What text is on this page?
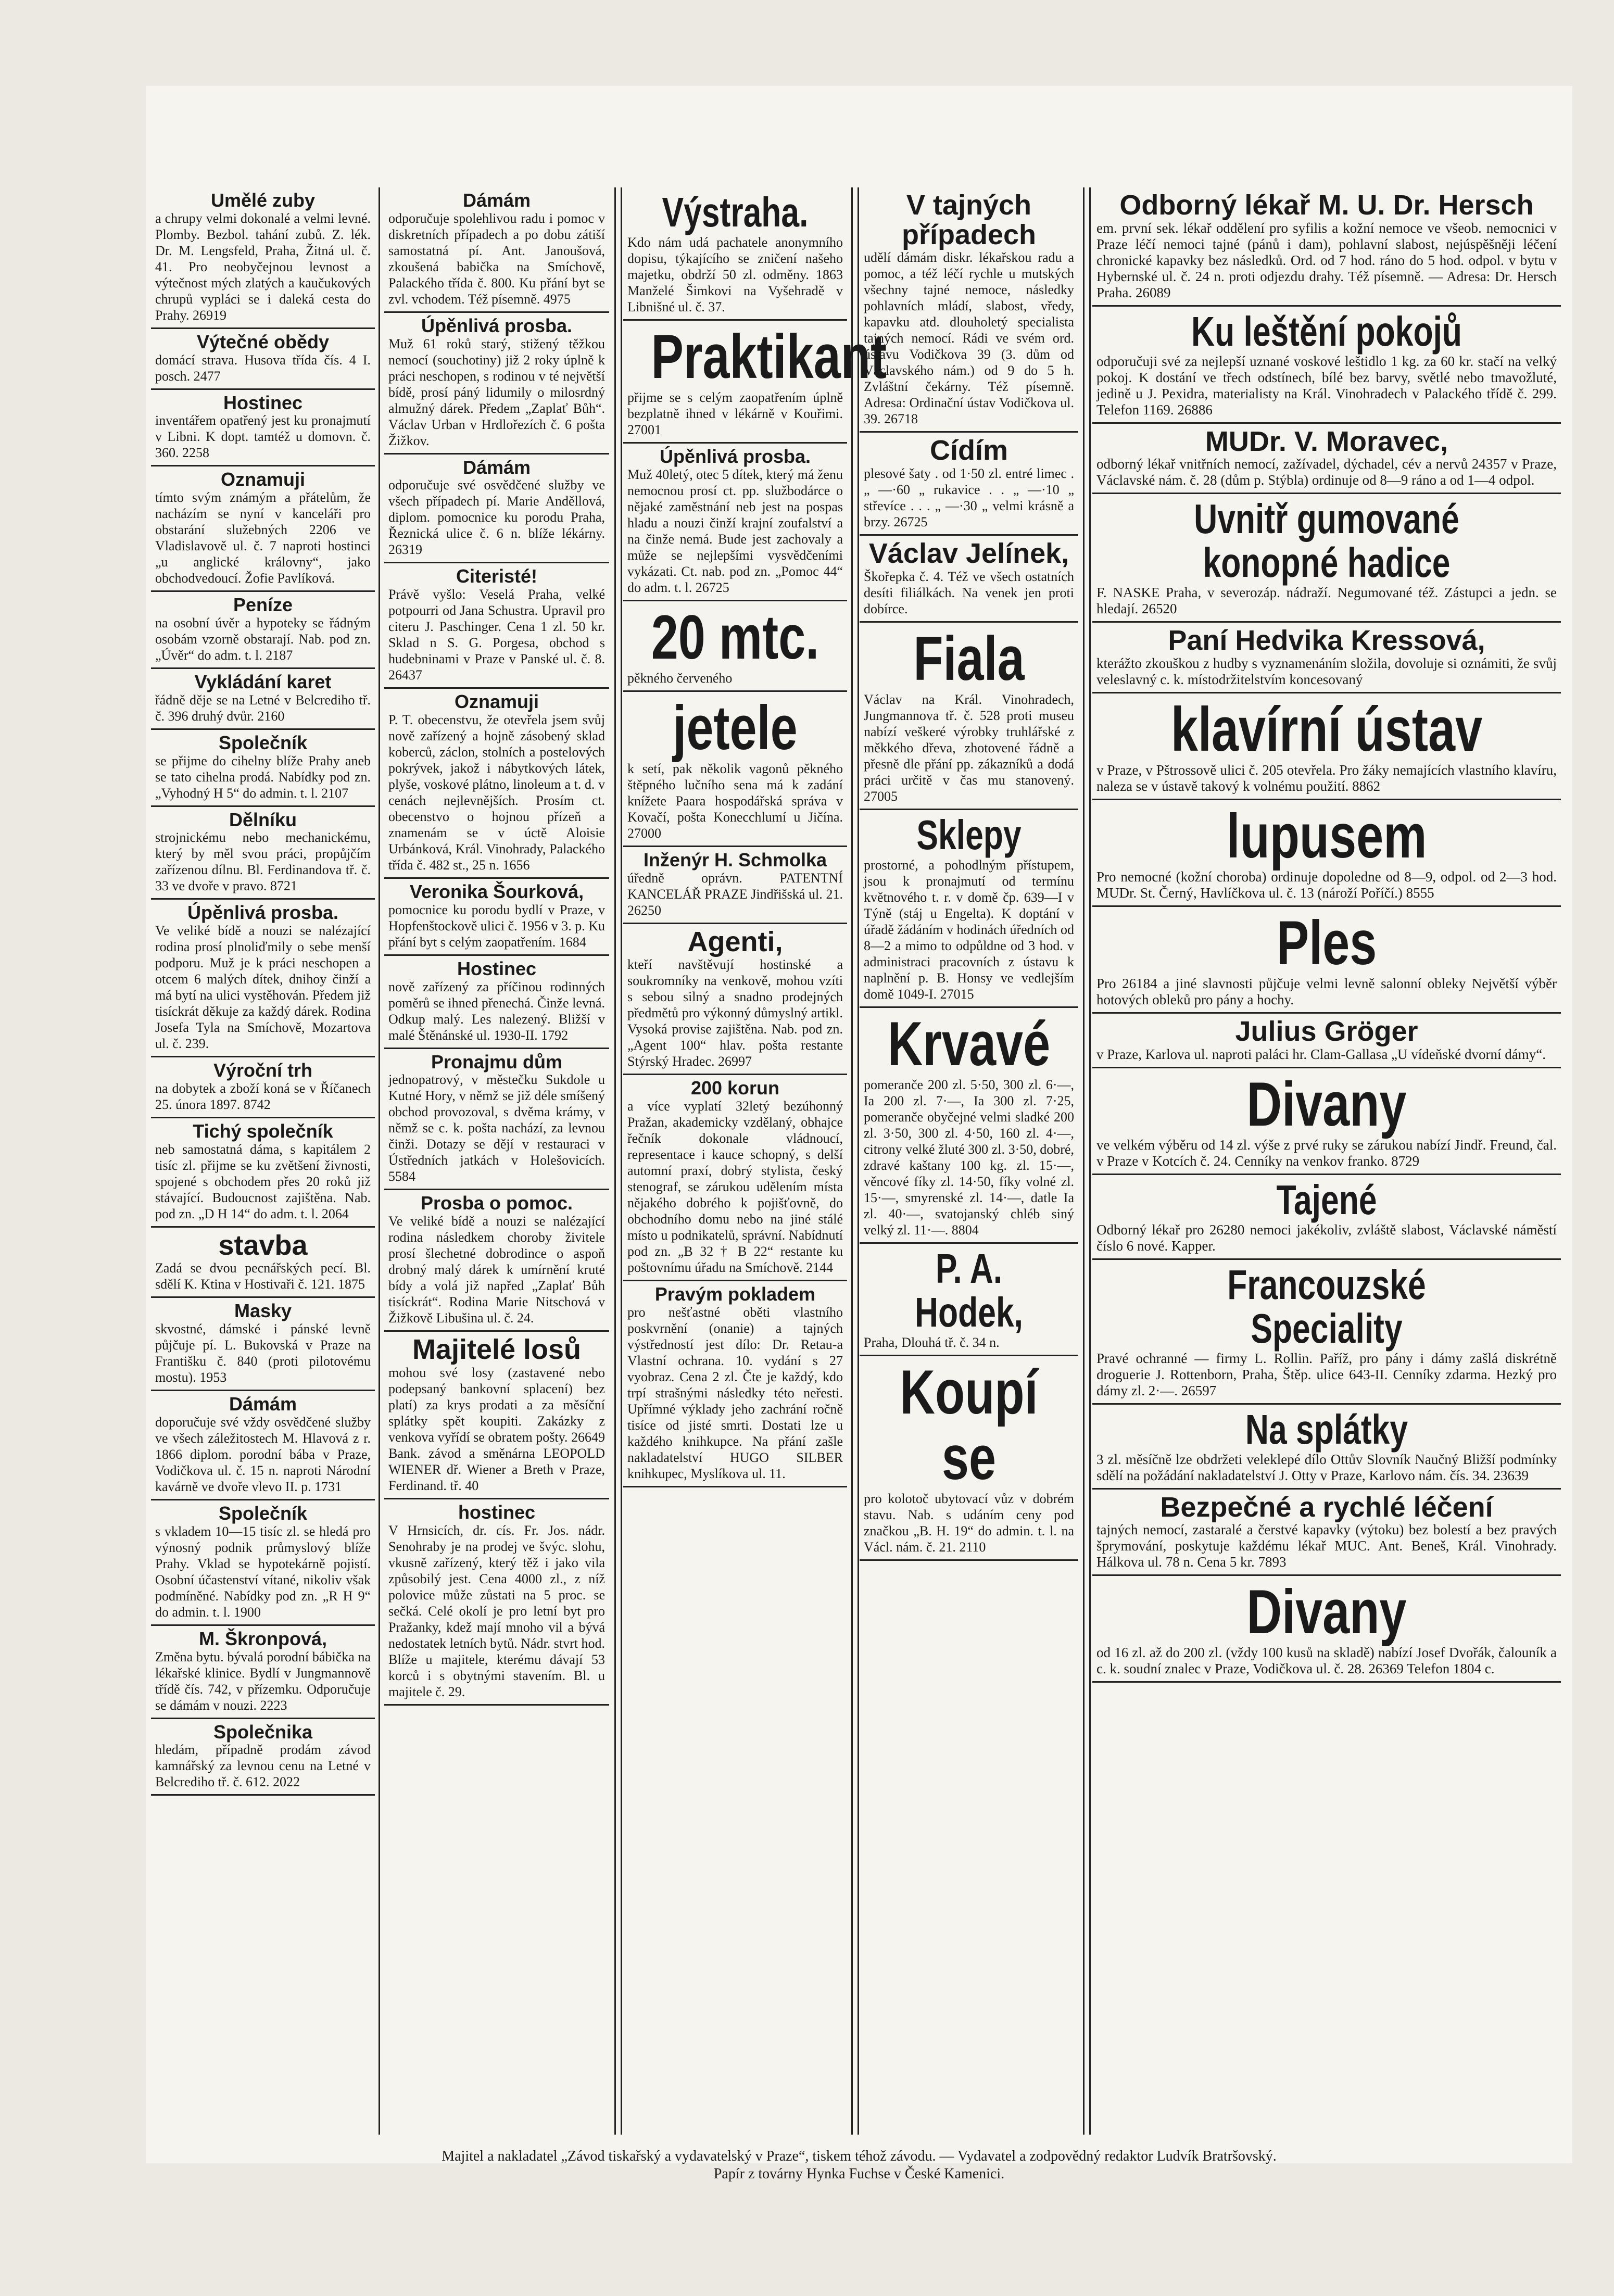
Umělé zuby

a chrupy velmi dokonalé a velmi levné. Plomby. Bezbol. tahání zubů. Z. lék. Dr. M. Lengsfeld, Praha, Žitná ul. č. 41. Pro neobyčejnou levnost a výtečnost mých zlatých a kaučukových chrupů vypláci se i daleká cesta do Prahy. 26919

Výtečné obědy

domácí strava. Husova třída čís. 4 I. posch. 2477

Hostinec

inventářem opatřený jest ku pronajmutí v Libni. K dopt. tamtéž u domovn. č. 360. 2258

Oznamuji

tímto svým známým a přátelům, že nacházím se nyní v kanceláři pro obstarání služebných 2206 ve Vladislavově ul. č. 7 naproti hostinci „u anglické královny“, jako obchodvedoucí. Žofie Pavlíková.

Peníze

na osobní úvěr a hypoteky se řádným osobám vzorně obstarají. Nab. pod zn. „Úvěr“ do adm. t. l. 2187

Vykládání karet

řádně děje se na Letné v Belcrediho tř. č. 396 druhý dvůr. 2160

Společník

se přijme do cihelny blíže Prahy aneb se tato cihelna prodá. Nabídky pod zn. „Vyhodný H 5“ do admin. t. l. 2107

Dělníku

strojnickému nebo mechanickému, který by měl svou práci, propůjčím zařízenou dílnu. Bl. Ferdinandova tř. č. 33 ve dvoře v pravo. 8721

Úpěnlivá prosba.

Ve veliké bídě a nouzi se nalézající rodina prosí plnoliďmily o sebe menší podporu. Muž je k práci neschopen a otcem 6 malých dítek, dnihoy činží a má bytí na ulici vystěhován. Předem již tisíckrát děkuje za každý dárek. Rodina Josefa Tyla na Smíchově, Mozartova ul. č. 239.

Výroční trh

na dobytek a zboží koná se v Říčanech 25. února 1897. 8742

Tichý společník

neb samostatná dáma, s kapitálem 2 tisíc zl. přijme se ku zvětšení živnosti, spojené s obchodem přes 20 roků již stávající. Budoucnost zajištěna. Nab. pod zn. „D H 14“ do adm. t. l. 2064

stavba

Zadá se dvou pecnářských pecí. Bl. sdělí K. Ktina v Hostivaři č. 121. 1875

Masky

skvostné, dámské i pánské levně půjčuje pí. L. Bukovská v Praze na Františku č. 840 (proti pilotovému mostu). 1953

Dámám

doporučuje své vždy osvědčené služby ve všech záležitostech M. Hlavová z r. 1866 diplom. porodní bába v Praze, Vodičkova ul. č. 15 n. naproti Národní kavárně ve dvoře vlevo II. p. 1731

Společník

s vkladem 10—15 tisíc zl. se hledá pro výnosný podnik průmyslový blíže Prahy. Vklad se hypotekárně pojistí. Osobní účastenství vítané, nikoliv však podmíněné. Nabídky pod zn. „R H 9“ do admin. t. l. 1900

M. Škronpová,

Změna bytu. bývalá porodní bábička na lékařské klinice. Bydlí v Jungmannově třídě čís. 742, v přízemku. Odporučuje se dámám v nouzi. 2223

Společnika

hledám, případně prodám závod kamnářský za levnou cenu na Letné v Belcrediho tř. č. 612. 2022

Dámám

odporučuje spolehlivou radu i pomoc v diskretních případech a po dobu zátiší samostatná pí. Ant. Janoušová, zkoušená babička na Smíchově, Palackého třída č. 800. Ku přání byt se zvl. vchodem. Též písemně. 4975

Úpěnlivá prosba.

Muž 61 roků starý, stižený těžkou nemocí (souchotiny) již 2 roky úplně k práci neschopen, s rodinou v té největší bídě, prosí páný lidumily o milosrdný almužný dárek. Předem „Zaplať Bůh“. Václav Urban v Hrdlořezích č. 6 pošta Žižkov.

Dámám

odporučuje své osvědčené služby ve všech případech pí. Marie Anděllová, diplom. pomocnice ku porodu Praha, Řeznická ulice č. 6 n. blíže lékárny. 26319

Citeristé!

Právě vyšlo: Veselá Praha, velké potpourri od Jana Schustra. Upravil pro citeru J. Paschinger. Cena 1 zl. 50 kr. Sklad n S. G. Porgesa, obchod s hudebninami v Praze v Panské ul. č. 8. 26437

Oznamuji

P. T. obecenstvu, že otevřela jsem svůj nově zařízený a hojně zásobený sklad koberců, záclon, stolních a postelových pokrývek, jakož i nábytkových látek, plyše, voskové plátno, linoleum a t. d. v cenách nejlevnějších. Prosím ct. obecenstvo o hojnou přízeň a znamenám se v úctě Aloisie Urbánková, Král. Vinohrady, Palackého třída č. 482 st., 25 n. 1656

Veronika Šourková,

pomocnice ku porodu bydlí v Praze, v Hopfenštockově ulici č. 1956 v 3. p. Ku přání byt s celým zaopatřením. 1684

Hostinec

nově zařízený za příčinou rodinných poměrů se ihned přenechá. Činže levná. Odkup malý. Les nalezený. Bližší v malé Štěnánské ul. 1930-II. 1792

Pronajmu dům

jednopatrový, v městečku Sukdole u Kutné Hory, v němž se již déle smíšený obchod provozoval, s dvěma krámy, v němž se c. k. pošta nachází, za levnou činži. Dotazy se dějí v restauraci v Ústředních jatkách v Holešovicích. 5584

Prosba o pomoc.

Ve veliké bídě a nouzi se nalézající rodina následkem choroby živitele prosí šlechetné dobrodince o aspoň drobný malý dárek k umírnění kruté bídy a volá již napřed „Zaplať Bůh tisíckrát“. Rodina Marie Nitschová v Žižkově Libušina ul. č. 24.

Majitelé losů

mohou své losy (zastavené nebo podepsaný bankovní splacení) bez platí) za krys prodati a za měsíční splátky spět koupiti. Zakázky z venkova vyřídí se obratem pošty. 26649 Bank. závod a směnárna LEOPOLD WIENER dř. Wiener a Breth v Praze, Ferdinand. tř. 40

hostinec

V Hrnsicích, dr. cís. Fr. Jos. nádr. Senohraby je na prodej ve švýc. slohu, vkusně zařízený, který těž i jako vila způsobilý jest. Cena 4000 zl., z níž polovice může zůstati na 5 proc. se sečká. Celé okolí je pro letní byt pro Pražanky, kdež mají mnoho vil a bývá nedostatek letních bytů. Nádr. stvrt hod. Blíže u majitele, kterému dávají 53 korců i s obytnými stavením. Bl. u majitele č. 29.

Výstraha.

Kdo nám udá pachatele anonymního dopisu, týkajícího se zničení našeho majetku, obdrží 50 zl. odměny. 1863 Manželé Šimkovi na Vyšehradě v Libnišné ul. č. 37.

Praktikant

přijme se s celým zaopatřením úplně bezplatně ihned v lékárně v Kouřimi. 27001

Úpěnlivá prosba.

Muž 40letý, otec 5 dítek, který má ženu nemocnou prosí ct. pp. službodárce o nějaké zaměstnání neb jest na pospas hladu a nouzi činží krajní zoufalství a na činže nemá. Bude jest zachovaly a může se nejlepšími vysvědčeními vykázati. Ct. nab. pod zn. „Pomoc 44“ do adm. t. l. 26725

20 mtc.

pěkného červeného

jetele

k setí, pak několik vagonů pěkného štěpného lučního sena má k zadání knížete Paara hospodářská správa v Kovačí, pošta Konecchlumí u Jičína. 27000

Inženýr H. Schmolka

úředně oprávn. PATENTNÍ KANCELÁŘ PRAZE Jindřišská ul. 21. 26250

Agenti,

kteří navštěvují hostinské a soukromníky na venkově, mohou vzíti s sebou silný a snadno prodejných předmětů pro výkonný důmyslný artikl. Vysoká provise zajištěna. Nab. pod zn. „Agent 100“ hlav. pošta restante Stýrský Hradec. 26997

200 korun

a více vyplatí 32letý bezúhonný Pražan, akademicky vzdělaný, obhajce řečník dokonale vládnoucí, representace i kauce schopný, s delší automní praxí, dobrý stylista, český stenograf, se zárukou udělením místa nějakého dobrého k pojišťovně, do obchodního domu nebo na jiné stálé místo u podnikatelů, správní. Nabídnutí pod zn. „B 32 † B 22“ restante ku poštovnímu úřadu na Smíchově. 2144

Pravým pokladem

pro nešťastné oběti vlastního poskvrnění (onanie) a tajných výstředností jest dílo: Dr. Retau-a Vlastní ochrana. 10. vydání s 27 vyobraz. Cena 2 zl. Čte je každý, kdo trpí strašnými následky této neřesti. Upřímné výklady jeho zachrání ročně tisíce od jisté smrti. Dostati lze u každého knihkupce. Na přání zašle nakladatelství HUGO SILBER knihkupec, Myslíkova ul. 11.

V tajných případech

udělí dámám diskr. lékařskou radu a pomoc, a též léčí rychle u mutských všechny tajné nemoce, následky pohlavních mládí, slabost, vředy, kapavku atd. dlouholetý specialista tajných nemocí. Rádi ve svém ord. ústavu Vodičkova 39 (3. dům od Václavského nám.) od 9 do 5 h. Zvláštní čekárny. Též písemně. Adresa: Ordinační ústav Vodičkova ul. 39. 26718

Cídím

plesové šaty . od 1·50 zl. entré limec . „ —·60 „ rukavice . . „ —·10 „ střevíce . . . „ —·30 „ velmi krásně a brzy. 26725

Václav Jelínek,

Škořepka č. 4. Též ve všech ostatních desíti filiálkách. Na venek jen proti dobírce.

Fiala

Václav na Král. Vinohradech, Jungmannova tř. č. 528 proti museu nabízí veškeré výrobky truhlářské z měkkého dřeva, zhotovené řádně a přesně dle přání pp. zákazníků a dodá práci určitě v čas mu stanovený. 27005

Sklepy

prostorné, a pohodlným přístupem, jsou k pronajmutí od termínu květnového t. r. v domě čp. 639—I v Týně (stáj u Engelta). K doptání v úřadě žádáním v hodinách úředních od 8—2 a mimo to odpůldne od 3 hod. v administraci pracovních z ústavu k naplnění p. B. Honsy ve vedlejším domě 1049-I. 27015

Krvavé

pomeranče 200 zl. 5·50, 300 zl. 6·—, Ia 200 zl. 7·—, Ia 300 zl. 7·25, pomeranče obyčejné velmi sladké 200 zl. 3·50, 300 zl. 4·50, 160 zl. 4·—, citrony velké žluté 300 zl. 3·50, dobré, zdravé kaštany 100 kg. zl. 15·—, věncové fíky zl. 14·50, fíky volné zl. 15·—, smyrenské zl. 14·—, datle Ia zl. 40·—, svatojanský chléb siný velký zl. 11·—. 8804

P. A. Hodek,

Praha, Dlouhá tř. č. 34 n.

Koupí se

pro kolotoč ubytovací vůz v dobrém stavu. Nab. s udáním ceny pod značkou „B. H. 19“ do admin. t. l. na Václ. nám. č. 21. 2110

Odborný lékař M. U. Dr. Hersch

em. první sek. lékař oddělení pro syfilis a kožní nemoce ve všeob. nemocnici v Praze léčí nemoci tajné (pánů i dam), pohlavní slabost, nejúspěšněji léčení chronické kapavky bez následků. Ord. od 7 hod. ráno do 5 hod. odpol. v bytu v Hybernské ul. č. 24 n. proti odjezdu drahy. Též písemně. — Adresa: Dr. Hersch Praha. 26089

Ku leštění pokojů

odporučuji své za nejlepší uznané voskové leštidlo 1 kg. za 60 kr. stačí na velký pokoj. K dostání ve třech odstínech, bílé bez barvy, světlé nebo tmavožluté, jedině u J. Pexidra, materialisty na Král. Vinohradech v Palackého třídě č. 299. Telefon 1169. 26886

MUDr. V. Moravec,

odborný lékař vnitřních nemocí, zažívadel, dýchadel, cév a nervů 24357 v Praze, Václavské nám. č. 28 (dům p. Stýbla) ordinuje od 8—9 ráno a od 1—4 odpol.

Uvnitř gumované konopné hadice

F. NASKE Praha, v severozáp. nádraží. Negumované též. Zástupci a jedn. se hledají. 26520

Paní Hedvika Kressová,

kterážto zkouškou z hudby s vyznamenáním složila, dovoluje si oznámiti, že svůj veleslavný c. k. místodržitelstvím koncesovaný

klavírní ústav

v Praze, v Pštrossově ulici č. 205 otevřela. Pro žáky nemajících vlastního klavíru, naleza se v ústavě takový k volnému použití. 8862

lupusem

Pro nemocné (kožní choroba) ordinuje dopoledne od 8—9, odpol. od 2—3 hod. MUDr. St. Černý, Havlíčkova ul. č. 13 (nároží Poříčí.) 8555

Ples

Pro 26184 a jiné slavnosti půjčuje velmi levně salonní obleky Největší výběr hotových obleků pro pány a hochy.

Julius Gröger

v Praze, Karlova ul. naproti paláci hr. Clam-Gallasa „U vídeňské dvorní dámy“.

Divany

ve velkém výběru od 14 zl. výše z prvé ruky se zárukou nabízí Jindř. Freund, čal. v Praze v Kotcích č. 24. Cenníky na venkov franko. 8729

Tajené

Odborný lékař pro 26280 nemoci jakékoliv, zvláště slabost, Václavské náměstí číslo 6 nové. Kapper.

Francouzské Speciality

Pravé ochranné — firmy L. Rollin. Paříž, pro pány i dámy zašlá diskrétně droguerie J. Rottenborn, Praha, Štěp. ulice 643-II. Cenníky zdarma. Hezký pro dámy zl. 2·—. 26597

Na splátky

3 zl. měsíčně lze obdržeti veleklepé dílo Ottův Slovník Naučný Bližší podmínky sdělí na požádání nakladatelství J. Otty v Praze, Karlovo nám. čís. 34. 23639

Bezpečné a rychlé léčení

tajných nemocí, zastaralé a čerstvé kapavky (výtoku) bez bolestí a bez pravých šprymování, poskytuje každému lékař MUC. Ant. Beneš, Král. Vinohrady. Hálkova ul. 78 n. Cena 5 kr. 7893

Divany

od 16 zl. až do 200 zl. (vždy 100 kusů na skladě) nabízí Josef Dvořák, čalouník a c. k. soudní znalec v Praze, Vodičkova ul. č. 28. 26369 Telefon 1804 c.

Majitel a nakladatel „Závod tiskařský a vydavatelský v Praze“, tiskem téhož závodu. — Vydavatel a zodpovědný redaktor Ludvík Bratršovský.
Papír z továrny Hynka Fuchse v České Kamenici.
